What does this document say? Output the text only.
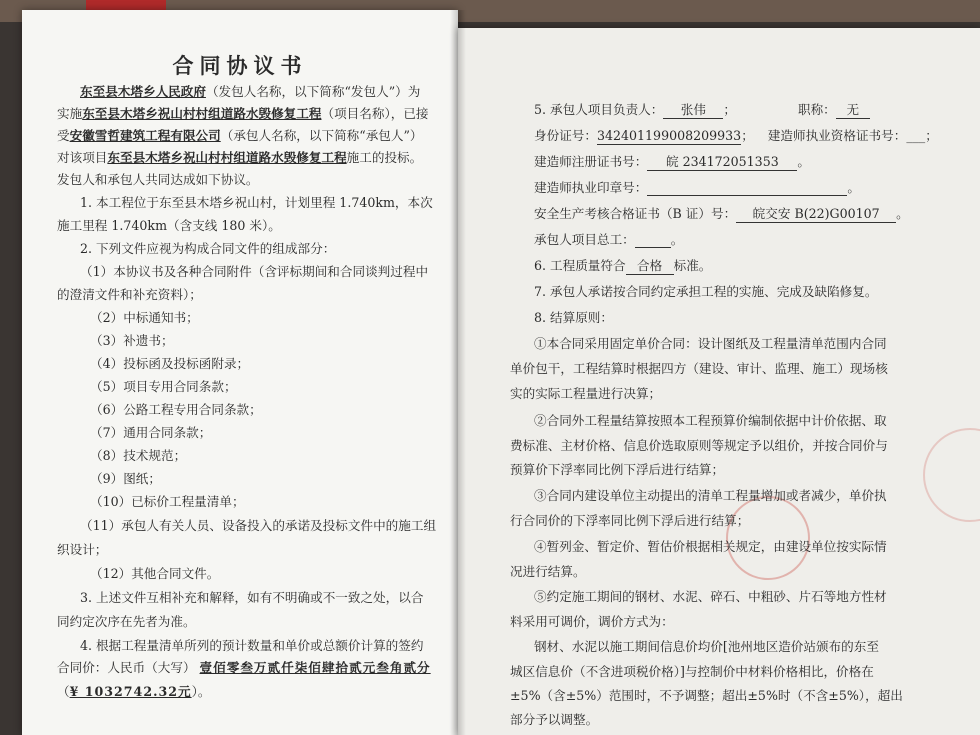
合同协议书
东至县木塔乡人民政府（发包人名称，以下简称“发包人”）为
实施东至县木塔乡祝山村村组道路水毁修复工程（项目名称），已接
受安徽雪哲建筑工程有限公司（承包人名称，以下简称“承包人”）
对该项目东至县木塔乡祝山村村组道路水毁修复工程施工的投标。
发包人和承包人共同达成如下协议。
1. 本工程位于东至县木塔乡祝山村，计划里程 1.740km，本次
施工里程 1.740km（含支线 180 米）。
2. 下列文件应视为构成合同文件的组成部分：
（1）本协议书及各种合同附件（含评标期间和合同谈判过程中
的澄清文件和补充资料）；
（2）中标通知书；
（3）补遗书；
（4）投标函及投标函附录；
（5）项目专用合同条款；
（6）公路工程专用合同条款；
（7）通用合同条款；
（8）技术规范；
（9）图纸；
（10）已标价工程量清单；
（11）承包人有关人员、设备投入的承诺及投标文件中的施工组
织设计；
（12）其他合同文件。
3. 上述文件互相补充和解释，如有不明确或不一致之处，以合
同约定次序在先者为准。
4. 根据工程量清单所列的预计数量和单价或总额价计算的签约
5. 承包人项目负责人： 张伟 ；	职称： 无
身份证号：342401199008209933； 建造师执业资格证书号：___；
建造师注册证书号： 皖 234172051353 。
建造师执业印章号：	。
安全生产考核合格证书（B 证）号： 皖交安 B(22)G00107 。
承包人项目总工：	。
6. 工程质量符合 合格 标准。
7. 承包人承诺按合同约定承担工程的实施、完成及缺陷修复。
8. 结算原则：
①本合同采用固定单价合同：设计图纸及工程量清单范围内合同
单价包干，工程结算时根据四方（建设、审计、监理、施工）现场核
实的实际工程量进行决算；
②合同外工程量结算按照本工程预算价编制依据中计价依据、取
费标准、主材价格、信息价选取原则等规定予以组价，并按合同价与
预算价下浮率同比例下浮后进行结算；
③合同内建设单位主动提出的清单工程量增加或者减少，单价执
行合同价的下浮率同比例下浮后进行结算；
④暂列金、暂定价、暂估价根据相关规定，由建设单位按实际情
况进行结算。
⑤约定施工期间的钢材、水泥、碎石、中粗砂、片石等地方性材
料采用可调价，调价方式为：
钢材、水泥以施工期间信息价均价[池州地区造价站颁布的东至
城区信息价（不含进项税价格）]与控制价中材料价格相比，价格在
±5%（含±5%）范围时，不予调整；超出±5%时（不含±5%），超出
部分予以调整。
合同价：人民币（大写） 壹佰零叁万贰仟柒佰肆拾贰元叁角贰分
（¥ 1032742.32元）。
